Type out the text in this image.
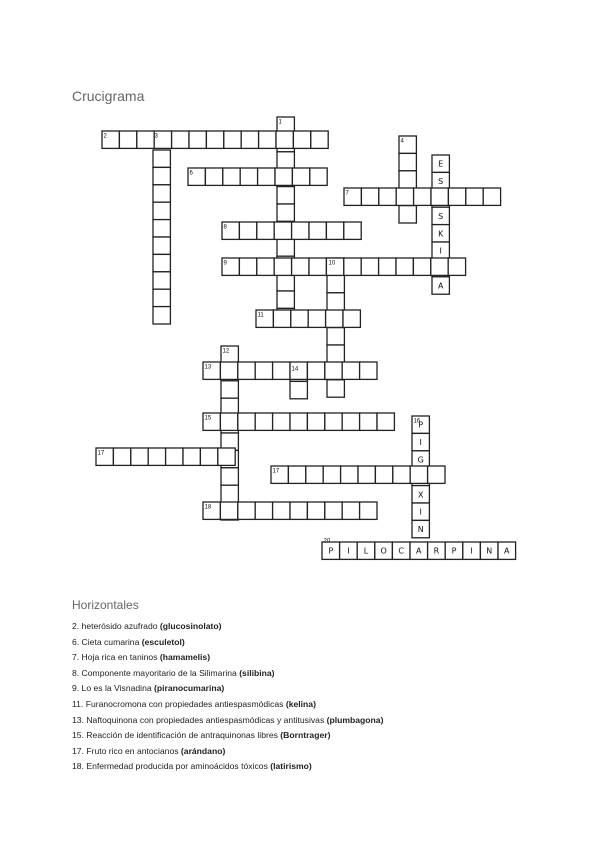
Crucigrama
E
S
S
K
I
A
P
I
G
X
I
N
P I L O C A R P I N A
1
2	3
4
6
7
8
9	10
11
12
13	14
15	16
17
17
18
20
Horizontales
2. heterósido azufrado (glucosinolato)
6. Cieta cumarina (esculetol)
7. Hoja rica en taninos (hamamelis)
8. Componente mayoritario de la Silimarina (silibina)
9. Lo es la Visnadina (piranocumarina)
11. Furanocromona con propiedades antiespasmódicas (kelina)
13. Naftoquinona con propiedades antiespasmódicas y antitusivas (plumbagona)
15. Reacción de identificación de antraquinonas libres (Borntrager)
17. Fruto rico en antocianos (arándano)
18. Enfermedad producida por aminoácidos tóxicos (latirismo)
